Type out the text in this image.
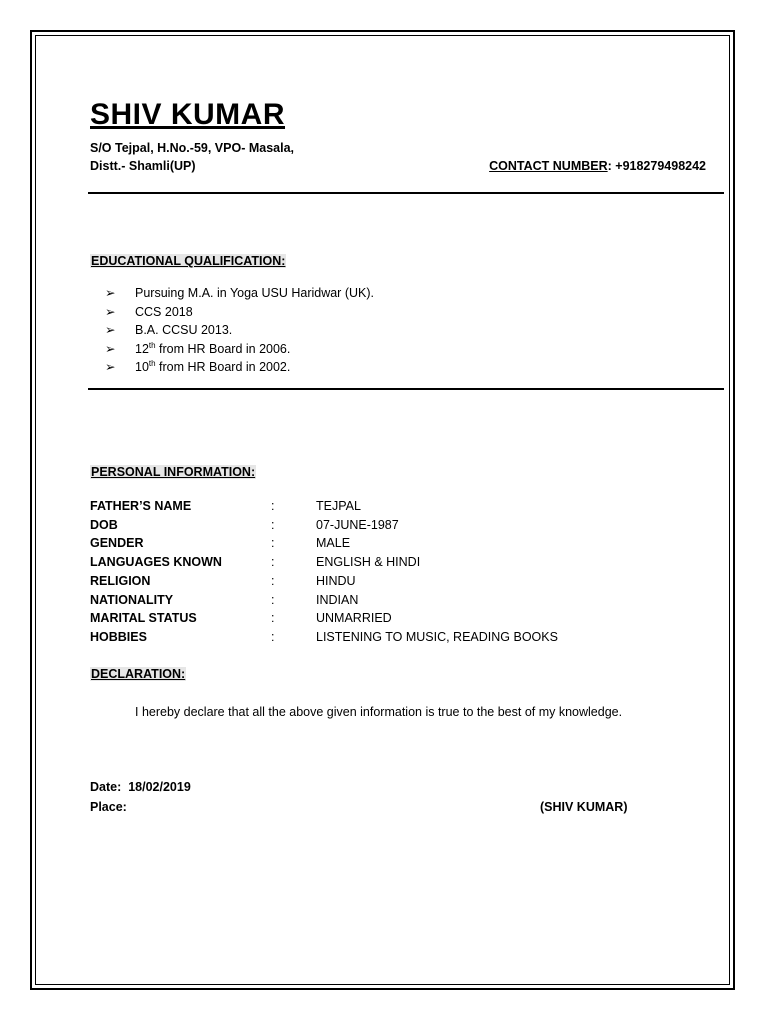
SHIV KUMAR
S/O Tejpal, H.No.-59, VPO- Masala,
Distt.- Shamli(UP)	CONTACT NUMBER: +918279498242
EDUCATIONAL QUALIFICATION:
➢ Pursuing M.A. in Yoga USU Haridwar (UK).
➢ CCS 2018
➢ B.A. CCSU 2013.
➢ 12th from HR Board in 2006.
➢ 10th from HR Board in 2002.
PERSONAL INFORMATION:
FATHER’S NAME	:	TEJPAL
DOB	:	07-JUNE-1987
GENDER	:	MALE
LANGUAGES KNOWN	:	ENGLISH & HINDI
RELIGION	:	HINDU
NATIONALITY	:	INDIAN
MARITAL STATUS	:	UNMARRIED
HOBBIES	:	LISTENING TO MUSIC, READING BOOKS
DECLARATION:
I hereby declare that all the above given information is true to the best of my knowledge.
Date: 18/02/2019
Place:	(SHIV KUMAR)
